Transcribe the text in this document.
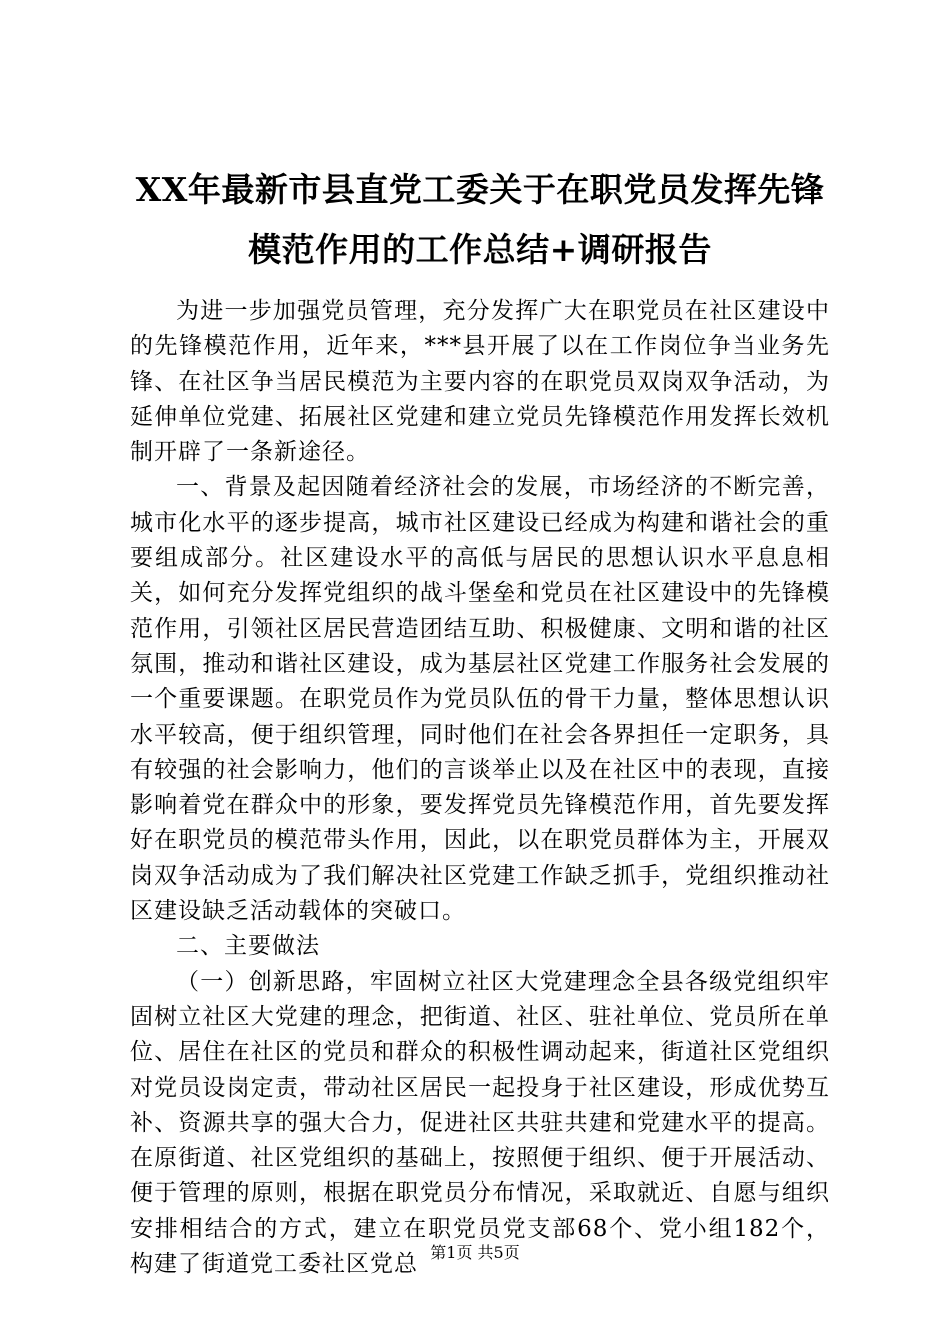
XX年最新市县直党工委关于在职党员发挥先锋模范作用的工作总结+调研报告

为进一步加强党员管理，充分发挥广大在职党员在社区建设中的先锋模范作用，近年来，***县开展了以在工作岗位争当业务先锋、在社区争当居民模范为主要内容的在职党员双岗双争活动，为延伸单位党建、拓展社区党建和建立党员先锋模范作用发挥长效机制开辟了一条新途径。

一、背景及起因随着经济社会的发展，市场经济的不断完善，城市化水平的逐步提高，城市社区建设已经成为构建和谐社会的重要组成部分。社区建设水平的高低与居民的思想认识水平息息相关，如何充分发挥党组织的战斗堡垒和党员在社区建设中的先锋模范作用，引领社区居民营造团结互助、积极健康、文明和谐的社区氛围，推动和谐社区建设，成为基层社区党建工作服务社会发展的一个重要课题。在职党员作为党员队伍的骨干力量，整体思想认识水平较高，便于组织管理，同时他们在社会各界担任一定职务，具有较强的社会影响力，他们的言谈举止以及在社区中的表现，直接影响着党在群众中的形象，要发挥党员先锋模范作用，首先要发挥好在职党员的模范带头作用，因此，以在职党员群体为主，开展双岗双争活动成为了我们解决社区党建工作缺乏抓手，党组织推动社区建设缺乏活动载体的突破口。

二、主要做法

（一）创新思路，牢固树立社区大党建理念全县各级党组织牢固树立社区大党建的理念，把街道、社区、驻社单位、党员所在单位、居住在社区的党员和群众的积极性调动起来，街道社区党组织对党员设岗定责，带动社区居民一起投身于社区建设，形成优势互补、资源共享的强大合力，促进社区共驻共建和党建水平的提高。在原街道、社区党组织的基础上，按照便于组织、便于开展活动、便于管理的原则，根据在职党员分布情况，采取就近、自愿与组织安排相结合的方式，建立在职党员党支部68个、党小组182个，构建了街道党工委社区党总 第1页 共5页
